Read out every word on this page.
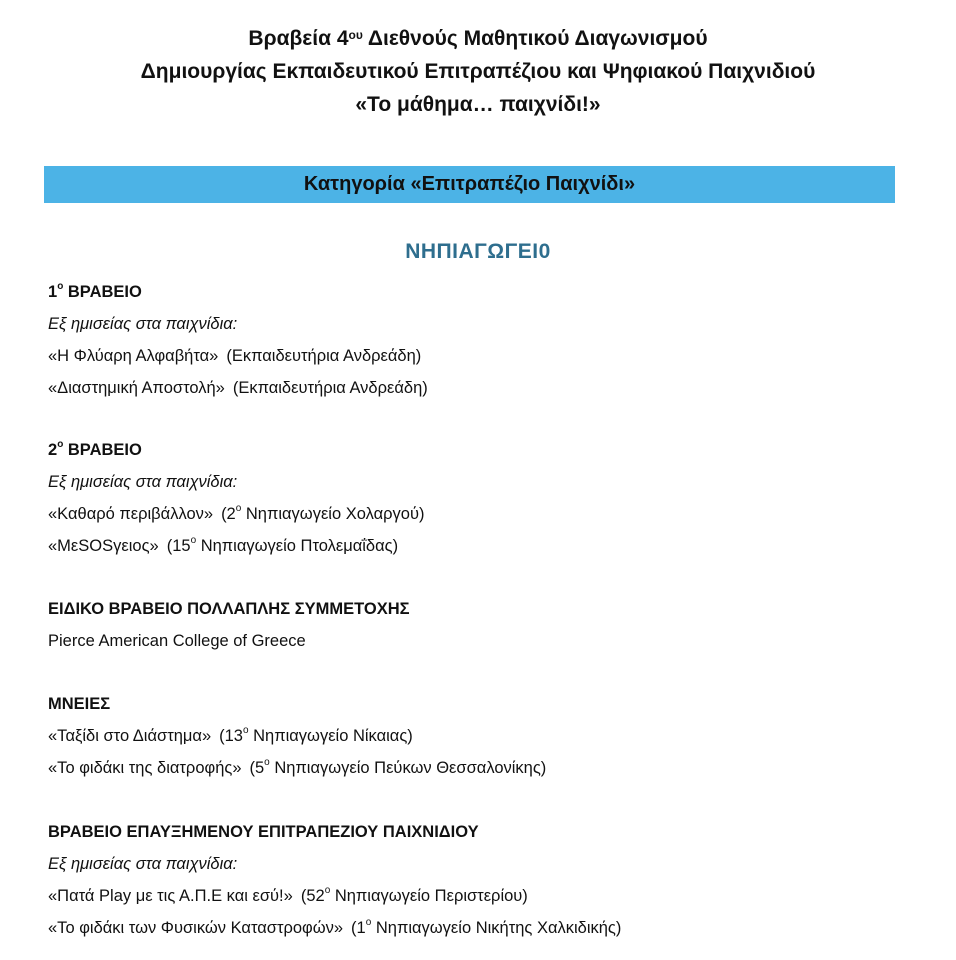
Βραβεία $4^{o\upsilon}$ Διεθνούς Μαθητικού Διαγωνισμού
Δημιουργίας Εκπαιδευτικού Επιτραπέζιου και Ψηφιακού Παιχνιδιού
«Το μάθημα… παιχνίδι!»
Κατηγορία «Επιτραπέζιο Παιχνίδι»
ΝΗΠΙΑΓΩΓΕΙ0
$1^o$ ΒΡΑΒΕΙΟ
Εξ ημισείας στα παιχνίδια:
«Η Φλύαρη Αλφαβήτα» (Εκπαιδευτήρια Ανδρεάδη)
«Διαστημική Αποστολή» (Εκπαιδευτήρια Ανδρεάδη)
$2^o$ ΒΡΑΒΕΙΟ
Εξ ημισείας στα παιχνίδια:
«Καθαρό περιβάλλον» ($2^o$ Νηπιαγωγείο Χολαργού)
«ΜεSOSγειος» ($15^o$ Νηπιαγωγείο Πτολεμαΐδας)
ΕΙΔΙΚΟ ΒΡΑΒΕΙΟ ΠΟΛΛΑΠΛΗΣ ΣΥΜΜΕΤΟΧΗΣ
Pierce American College of Greece
ΜΝΕΙΕΣ
«Ταξίδι στο Διάστημα» ($13^o$ Νηπιαγωγείο Νίκαιας)
«Το φιδάκι της διατροφής» ($5^o$ Νηπιαγωγείο Πεύκων Θεσσαλονίκης)
ΒΡΑΒΕΙΟ ΕΠΑΥΞΗΜΕΝΟΥ ΕΠΙΤΡΑΠΕΖΙΟΥ ΠΑΙΧΝΙΔΙΟΥ
Εξ ημισείας στα παιχνίδια:
«Πατά Play με τις Α.Π.Ε και εσύ!» ($52^o$ Νηπιαγωγείο Περιστερίου)
«Το φιδάκι των Φυσικών Καταστροφών» ($1^o$ Νηπιαγωγείο Νικήτης Χαλκιδικής)
